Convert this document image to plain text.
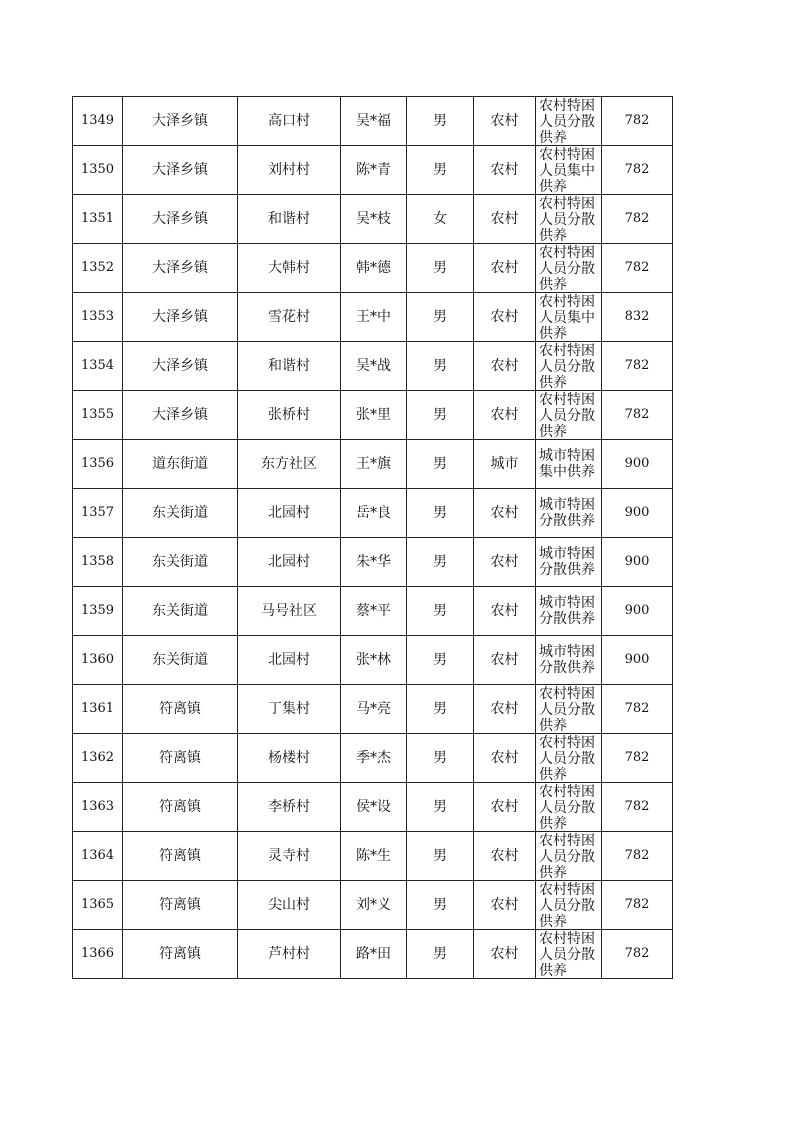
1349	大泽乡镇	高口村	吴*福	男	农村	农村特困人员分散供养	782
1350	大泽乡镇	刘村村	陈*青	男	农村	农村特困人员集中供养	782
1351	大泽乡镇	和谐村	吴*枝	女	农村	农村特困人员分散供养	782
1352	大泽乡镇	大韩村	韩*德	男	农村	农村特困人员分散供养	782
1353	大泽乡镇	雪花村	王*中	男	农村	农村特困人员集中供养	832
1354	大泽乡镇	和谐村	吴*战	男	农村	农村特困人员分散供养	782
1355	大泽乡镇	张桥村	张*里	男	农村	农村特困人员分散供养	782
1356	道东街道	东方社区	王*旗	男	城市	城市特困集中供养	900
1357	东关街道	北园村	岳*良	男	农村	城市特困分散供养	900
1358	东关街道	北园村	朱*华	男	农村	城市特困分散供养	900
1359	东关街道	马号社区	蔡*平	男	农村	城市特困分散供养	900
1360	东关街道	北园村	张*林	男	农村	城市特困分散供养	900
1361	符离镇	丁集村	马*亮	男	农村	农村特困人员分散供养	782
1362	符离镇	杨楼村	季*杰	男	农村	农村特困人员分散供养	782
1363	符离镇	李桥村	侯*设	男	农村	农村特困人员分散供养	782
1364	符离镇	灵寺村	陈*生	男	农村	农村特困人员分散供养	782
1365	符离镇	尖山村	刘*义	男	农村	农村特困人员分散供养	782
1366	符离镇	芦村村	路*田	男	农村	农村特困人员分散供养	782
